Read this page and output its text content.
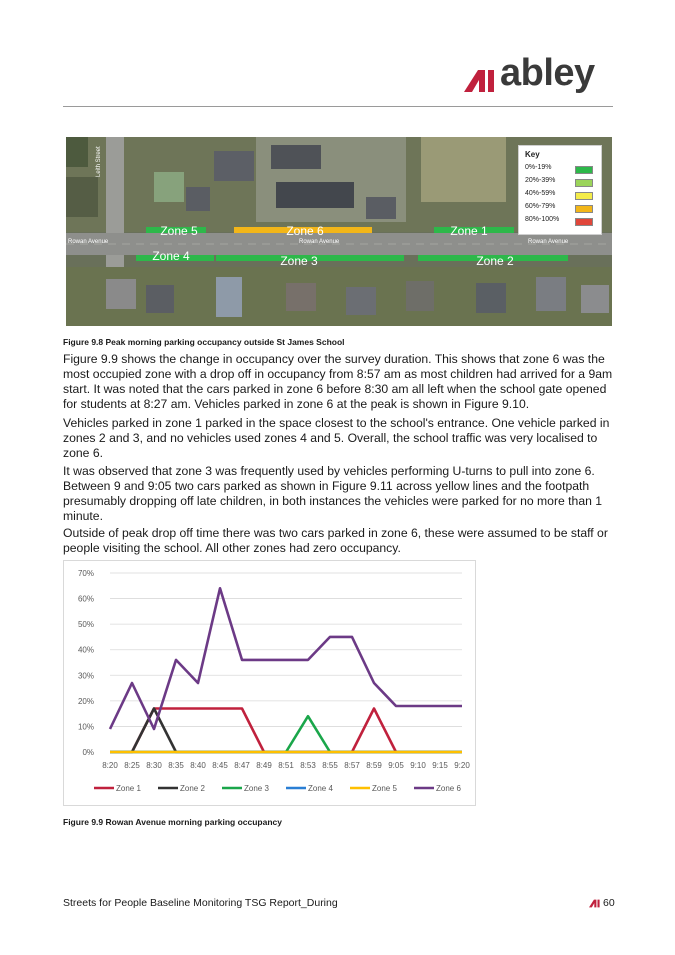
abley
Zone 5	Zone 6	Zone 1
Zone 4	Zone 3	Zone 2
Rowan Avenue	Rowan Avenue	Rowan Avenue
Leith Street	Key
0%-19%
20%-39%
40%-59%
60%-79%
80%-100%
Figure 9.8 Peak morning parking occupancy outside St James School

Figure 9.9 shows the change in occupancy over the survey duration. This shows that zone 6 was the most occupied zone with a drop off in occupancy from 8:57 am as most children had arrived for a 9am start. It was noted that the cars parked in zone 6 before 8:30 am all left when the school gate opened for students at 8:27 am. Vehicles parked in zone 6 at the peak is shown in Figure 9.10.

Vehicles parked in zone 1 parked in the space closest to the school's entrance. One vehicle parked in zones 2 and 3, and no vehicles used zones 4 and 5. Overall, the school traffic was very localised to zone 6.

It was observed that zone 3 was frequently used by vehicles performing U-turns to pull into zone 6. Between 9 and 9:05 two cars parked as shown in Figure 9.11 across yellow lines and the footpath presumably dropping off late children, in both instances the vehicles were parked for no more than 1 minute.

Outside of peak drop off time there was two cars parked in zone 6, these were assumed to be staff or people visiting the school. All other zones had zero occupancy.

0%
10%
20%
30%
40%
50%
60%
70%
8:20 8:25 8:30 8:35 8:40 8:45 8:47 8:49 8:51 8:53 8:55 8:57 8:59 9:05 9:10 9:15 9:20
Zone 1	Zone 2	Zone 3	Zone 4	Zone 5	Zone 6
Figure 9.9 Rowan Avenue morning parking occupancy
Streets for People Baseline Monitoring TSG Report_During	60
